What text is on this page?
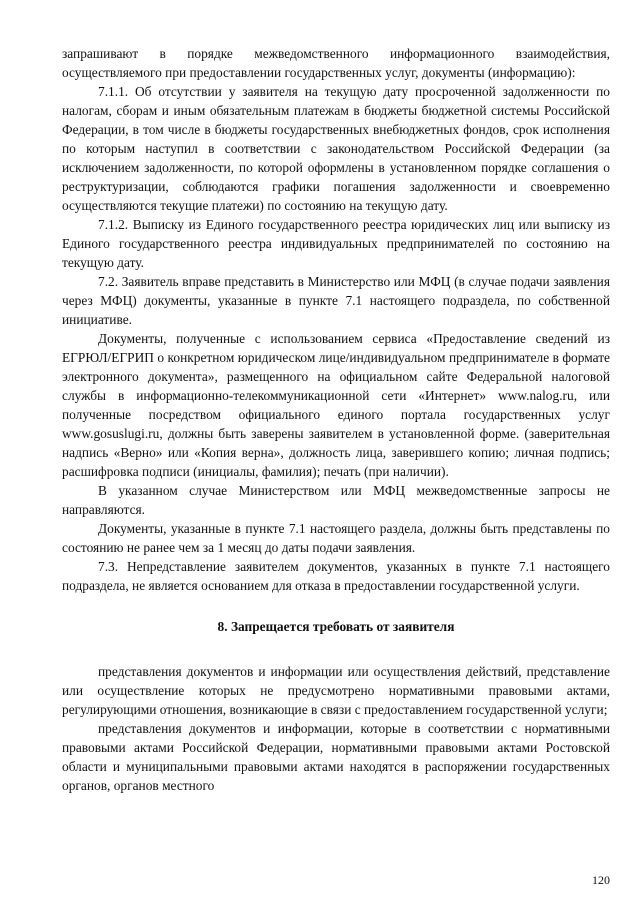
запрашивают в порядке межведомственного информационного взаимодействия, осуществляемого при предоставлении государственных услуг, документы (информацию):

7.1.1. Об отсутствии у заявителя на текущую дату просроченной задолженности по налогам, сборам и иным обязательным платежам в бюджеты бюджетной системы Российской Федерации, в том числе в бюджеты государственных внебюджетных фондов, срок исполнения по которым наступил в соответствии с законодательством Российской Федерации (за исключением задолженности, по которой оформлены в установленном порядке соглашения о реструктуризации, соблюдаются графики погашения задолженности и своевременно осуществляются текущие платежи) по состоянию на текущую дату.

7.1.2. Выписку из Единого государственного реестра юридических лиц или выписку из Единого государственного реестра индивидуальных предпринимателей по состоянию на текущую дату.

7.2. Заявитель вправе представить в Министерство или МФЦ (в случае подачи заявления через МФЦ) документы, указанные в пункте 7.1 настоящего подраздела, по собственной инициативе.

Документы, полученные с использованием сервиса «Предоставление сведений из ЕГРЮЛ/ЕГРИП о конкретном юридическом лице/индивидуальном предпринимателе в формате электронного документа», размещенного на официальном сайте Федеральной налоговой службы в информационно-телекоммуникационной сети «Интернет» www.nalog.ru, или полученные посредством официального единого портала государственных услуг www.gosuslugi.ru, должны быть заверены заявителем в установленной форме. (заверительная надпись «Верно» или «Копия верна», должность лица, заверившего копию; личная подпись; расшифровка подписи (инициалы, фамилия); печать (при наличии).

В указанном случае Министерством или МФЦ межведомственные запросы не направляются.

Документы, указанные в пункте 7.1 настоящего раздела, должны быть представлены по состоянию не ранее чем за 1 месяц до даты подачи заявления.

7.3. Непредставление заявителем документов, указанных в пункте 7.1 настоящего подраздела, не является основанием для отказа в предоставлении государственной услуги.

8. Запрещается требовать от заявителя

представления документов и информации или осуществления действий, представление или осуществление которых не предусмотрено нормативными правовыми актами, регулирующими отношения, возникающие в связи с предоставлением государственной услуги;

представления документов и информации, которые в соответствии с нормативными правовыми актами Российской Федерации, нормативными правовыми актами Ростовской области и муниципальными правовыми актами находятся в распоряжении государственных органов, органов местного

120
